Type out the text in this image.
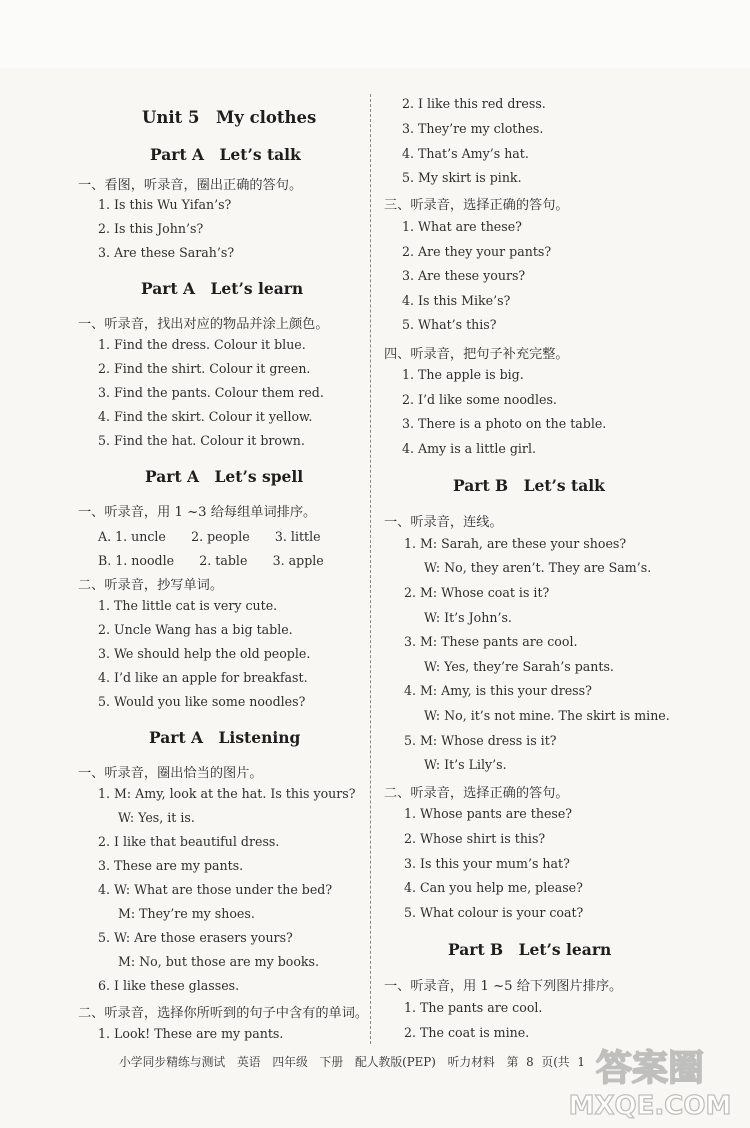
Unit 5　My clothes
Part A　Let’s talk
一、看图，听录音，圈出正确的答句。
1. Is this Wu Yifan’s?
2. Is this John’s?
3. Are these Sarah’s?
Part A　Let’s learn
一、听录音，找出对应的物品并涂上颜色。
1. Find the dress. Colour it blue.
2. Find the shirt. Colour it green.
3. Find the pants. Colour them red.
4. Find the skirt. Colour it yellow.
5. Find the hat. Colour it brown.
Part A　Let’s spell
一、听录音，用 1 ~3 给每组单词排序。
A. 1. uncle　　2. people　　3. little
B. 1. noodle　　2. table　　3. apple
二、听录音，抄写单词。
1. The little cat is very cute.
2. Uncle Wang has a big table.
3. We should help the old people.
4. I’d like an apple for breakfast.
5. Would you like some noodles?
Part A　Listening
一、听录音，圈出恰当的图片。
1. M: Amy, look at the hat. Is this yours?
W: Yes, it is.
2. I like that beautiful dress.
3. These are my pants.
4. W: What are those under the bed?
M: They’re my shoes.
5. W: Are those erasers yours?
M: No, but those are my books.
6. I like these glasses.
二、听录音，选择你所听到的句子中含有的单词。
1. Look! These are my pants.
2. I like this red dress.
3. They’re my clothes.
4. That’s Amy’s hat.
5. My skirt is pink.
三、听录音，选择正确的答句。
1. What are these?
2. Are they your pants?
3. Are these yours?
4. Is this Mike’s?
5. What’s this?
四、听录音，把句子补充完整。
1. The apple is big.
2. I’d like some noodles.
3. There is a photo on the table.
4. Amy is a little girl.
Part B　Let’s talk
一、听录音，连线。
1. M: Sarah, are these your shoes?
W: No, they aren’t. They are Sam’s.
2. M: Whose coat is it?
W: It’s John’s.
3. M: These pants are cool.
W: Yes, they’re Sarah’s pants.
4. M: Amy, is this your dress?
W: No, it’s not mine. The skirt is mine.
5. M: Whose dress is it?
W: It’s Lily’s.
二、听录音，选择正确的答句。
1. Whose pants are these?
2. Whose shirt is this?
3. Is this your mum’s hat?
4. Can you help me, please?
5. What colour is your coat?
Part B　Let’s learn
一、听录音，用 1 ~5 给下列图片排序。
1. The pants are cool.
2. The coat is mine.
小学同步精练与测试　英语　四年级　下册　配人教版(PEP)　听力材料　第 8 页(共 1 答案圈
MXQE.COM
